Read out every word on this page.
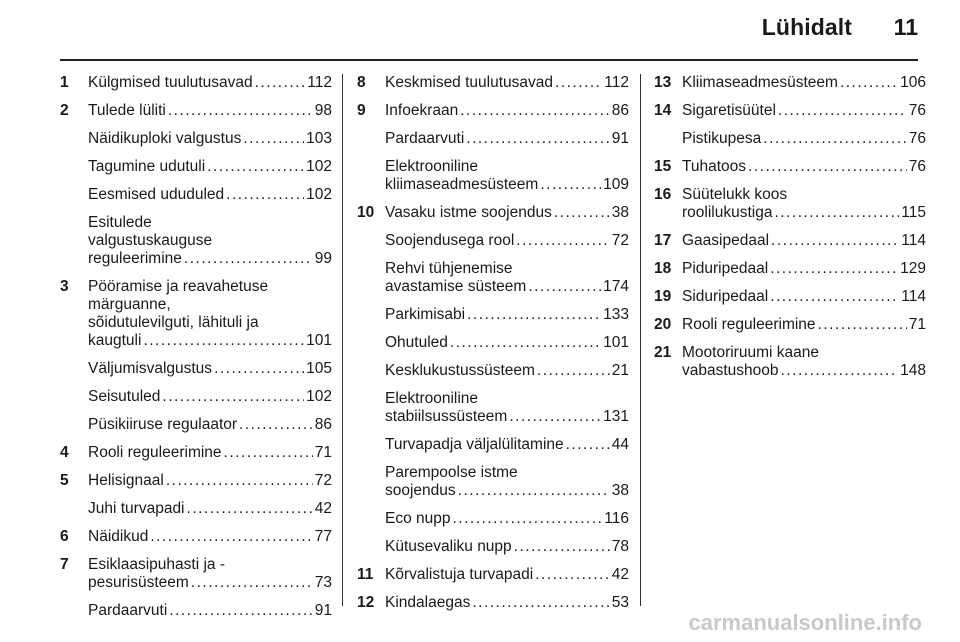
Lühidalt 11
1 Külgmised tuulutusavad .....	112
2 Tulede lüliti .....	98
Näidikuploki valgustus .....	103
Tagumine udutuli .....	102
Eesmised ududuled .....	102
Esitulede
valgustuskauguse
reguleerimine .....	99
3 Pööramise ja reavahetuse
märguanne,
sõidutulevilguti, lähituli ja
kaugtuli .....	101
Väljumisvalgustus .....	105
Seisutuled .....	102
Püsikiiruse regulaator .....	86
4 Rooli reguleerimine .....	71
5 Helisignaal .....	72
Juhi turvapadi .....	42
6 Näidikud .....	77
7 Esiklaasipuhasti ja -
pesurisüsteem .....	73
Pardaarvuti .....	91
8 Keskmised tuulutusavad .....	112
9 Infoekraan .....	86
Pardaarvuti .....	91
Elektrooniline
kliimaseadmesüsteem .....	109
10 Vasaku istme soojendus .....	38
Soojendusega rool .....	72
Rehvi tühjenemise
avastamise süsteem .....	174
Parkimisabi .....	133
Ohutuled .....	101
Kesklukustussüsteem .....	21
Elektrooniline
stabiilsussüsteem .....	131
Turvapadja väljalülitamine .....	44
Parempoolse istme
soojendus .....	38
Eco nupp .....	116
Kütusevaliku nupp .....	78
11 Kõrvalistuja turvapadi .....	42
12 Kindalaegas .....	53
13 Kliimaseadmesüsteem .....	106
14 Sigaretisüütel .....	76
Pistikupesa .....	76
15 Tuhatoos .....	76
16 Süütelukk koos
roolilukustiga .....	115
17 Gaasipedaal .....	114
18 Piduripedaal .....	129
19 Siduripedaal .....	114
20 Rooli reguleerimine .....	71
21 Mootoriruumi kaane
vabastushoob .....	148
carmanualsonline.info
